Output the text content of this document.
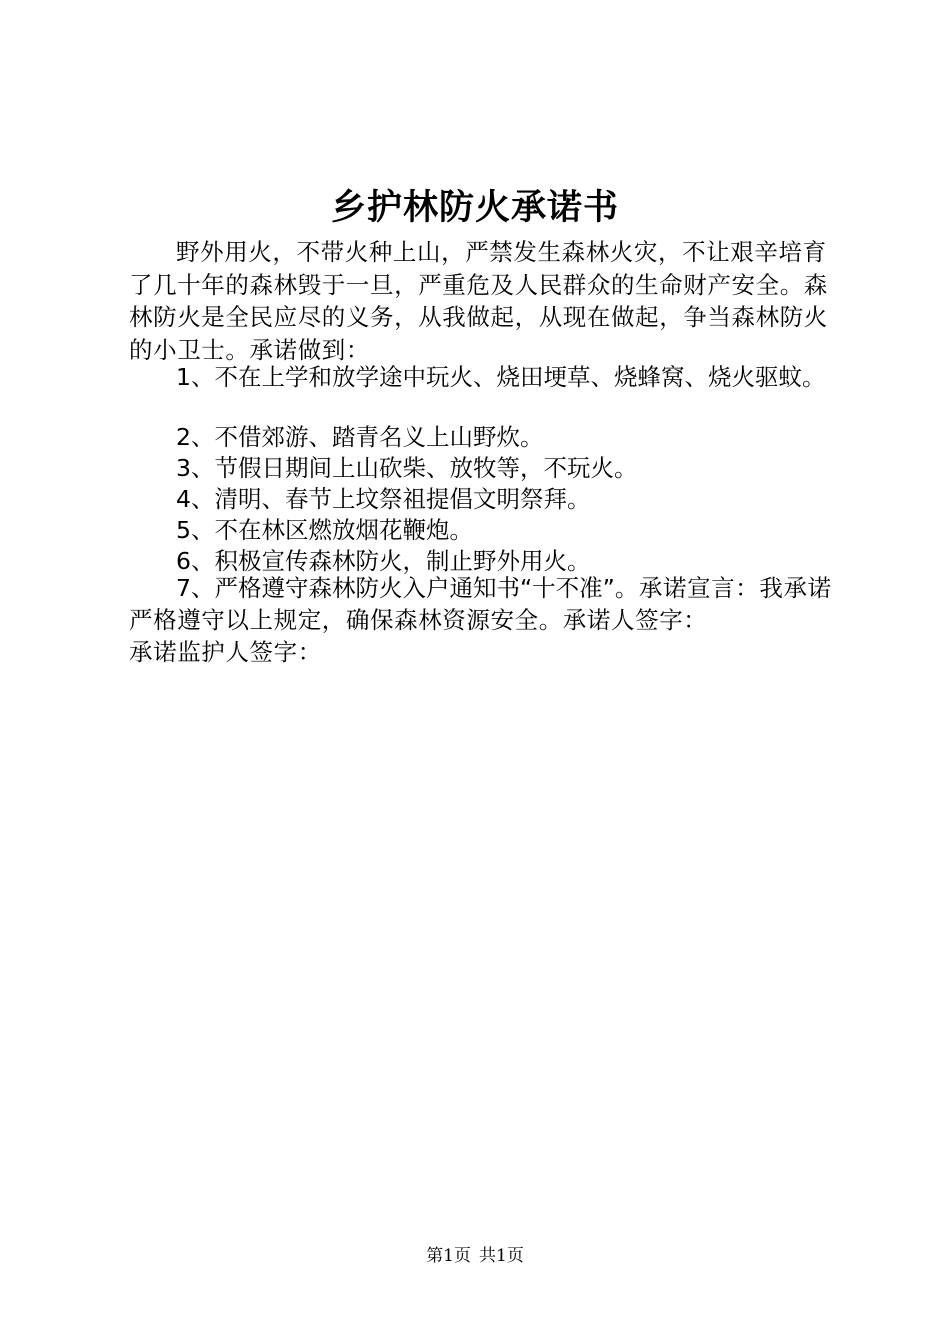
乡护林防火承诺书

野外用火，不带火种上山，严禁发生森林火灾，不让艰辛培育了几十年的森林毁于一旦，严重危及人民群众的生命财产安全。森林防火是全民应尽的义务，从我做起，从现在做起，争当森林防火的小卫士。承诺做到：

1、不在上学和放学途中玩火、烧田埂草、烧蜂窝、烧火驱蚊。

2、不借郊游、踏青名义上山野炊。

3、节假日期间上山砍柴、放牧等，不玩火。

4、清明、春节上坟祭祖提倡文明祭拜。

5、不在林区燃放烟花鞭炮。

6、积极宣传森林防火，制止野外用火。

7、严格遵守森林防火入户通知书“十不准”。承诺宣言：我承诺严格遵守以上规定，确保森林资源安全。承诺人签字：
承诺监护人签字：

第1页 共1页
